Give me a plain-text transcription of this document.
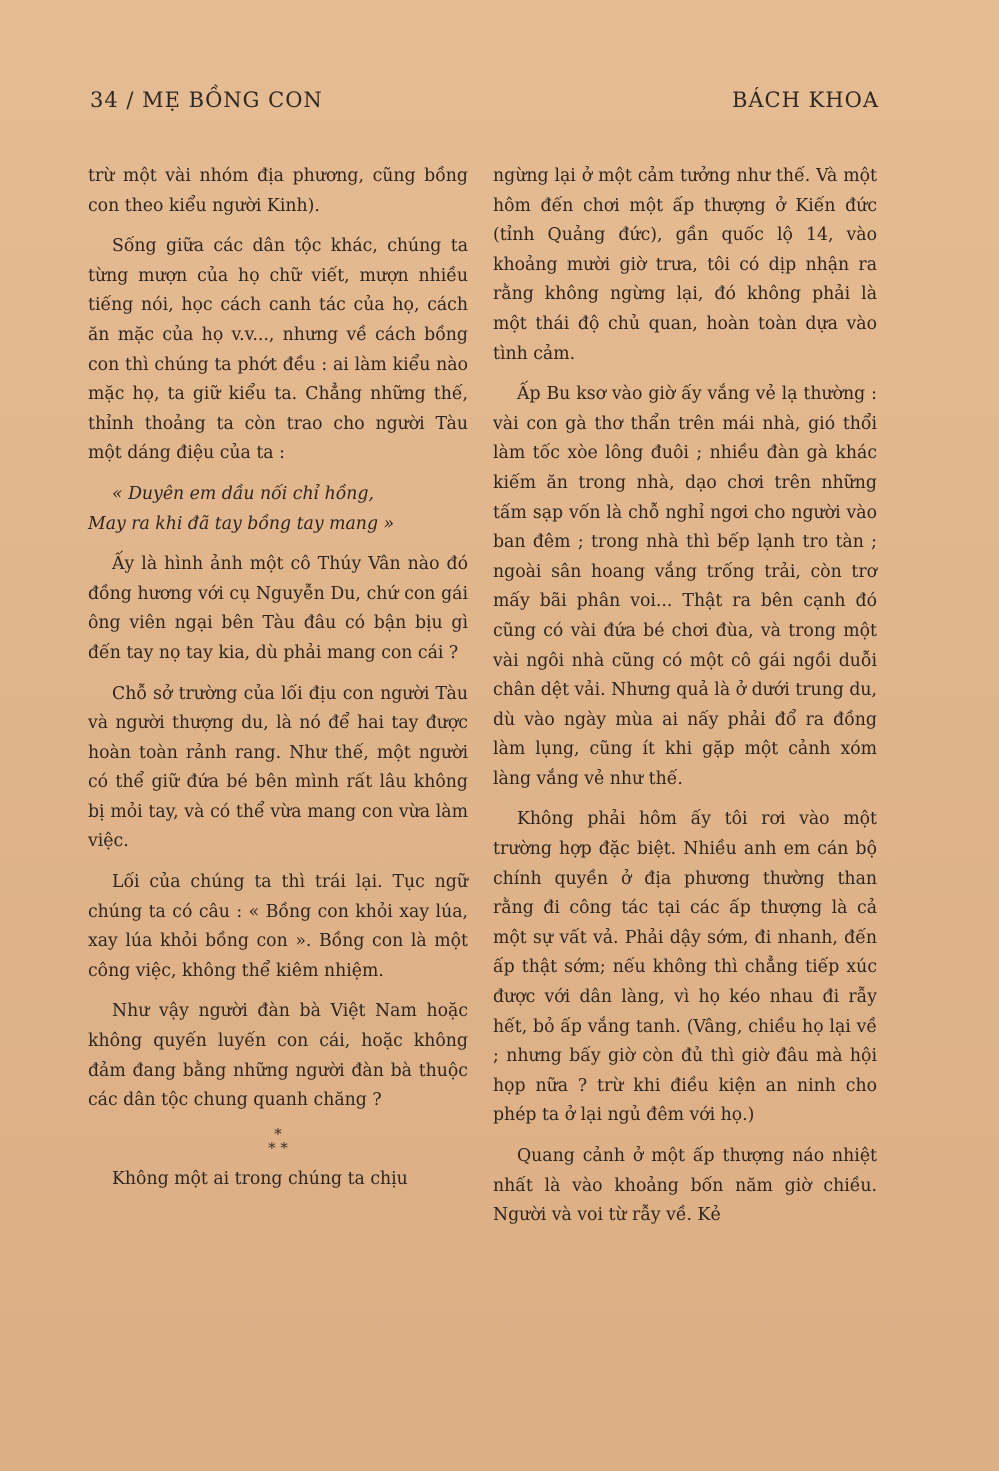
34 / MẸ BỒNG CON	BÁCH KHOA

trừ một vài nhóm địa phương, cũng bồng con theo kiểu người Kinh).

Sống giữa các dân tộc khác, chúng ta từng mượn của họ chữ viết, mượn nhiều tiếng nói, học cách canh tác của họ, cách ăn mặc của họ v.v..., nhưng về cách bồng con thì chúng ta phớt đều : ai làm kiểu nào mặc họ, ta giữ kiểu ta. Chẳng những thế, thỉnh thoảng ta còn trao cho người Tàu một dáng điệu của ta :

« Duyên em dầu nối chỉ hồng,

May ra khi đã tay bồng tay mang »

Ấy là hình ảnh một cô Thúy Vân nào đó đồng hương với cụ Nguyễn Du, chứ con gái ông viên ngại bên Tàu đâu có bận bịu gì đến tay nọ tay kia, dù phải mang con cái ?

Chỗ sở trường của lối địu con người Tàu và người thượng du, là nó để hai tay được hoàn toàn rảnh rang. Như thế, một người có thể giữ đứa bé bên mình rất lâu không bị mỏi tay, và có thể vừa mang con vừa làm việc.

Lối của chúng ta thì trái lại. Tục ngữ chúng ta có câu : « Bồng con khỏi xay lúa, xay lúa khỏi bồng con ». Bồng con là một công việc, không thể kiêm nhiệm.

Như vậy người đàn bà Việt Nam hoặc không quyến luyến con cái, hoặc không đảm đang bằng những người đàn bà thuộc các dân tộc chung quanh chăng ?

*
* *

Không một ai trong chúng ta chịu

ngừng lại ở một cảm tưởng như thế. Và một hôm đến chơi một ấp thượng ở Kiến đức (tỉnh Quảng đức), gần quốc lộ 14, vào khoảng mười giờ trưa, tôi có dịp nhận ra rằng không ngừng lại, đó không phải là một thái độ chủ quan, hoàn toàn dựa vào tình cảm.

Ấp Bu ksơ vào giờ ấy vắng vẻ lạ thường : vài con gà thơ thẩn trên mái nhà, gió thổi làm tốc xòe lông đuôi ; nhiều đàn gà khác kiếm ăn trong nhà, dạo chơi trên những tấm sạp vốn là chỗ nghỉ ngơi cho người vào ban đêm ; trong nhà thì bếp lạnh tro tàn ; ngoài sân hoang vắng trống trải, còn trơ mấy bãi phân voi... Thật ra bên cạnh đó cũng có vài đứa bé chơi đùa, và trong một vài ngôi nhà cũng có một cô gái ngồi duỗi chân dệt vải. Nhưng quả là ở dưới trung du, dù vào ngày mùa ai nấy phải đổ ra đồng làm lụng, cũng ít khi gặp một cảnh xóm làng vắng vẻ như thế.

Không phải hôm ấy tôi rơi vào một trường hợp đặc biệt. Nhiều anh em cán bộ chính quyền ở địa phương thường than rằng đi công tác tại các ấp thượng là cả một sự vất vả. Phải dậy sớm, đi nhanh, đến ấp thật sớm; nếu không thì chẳng tiếp xúc được với dân làng, vì họ kéo nhau đi rẫy hết, bỏ ấp vắng tanh. (Vâng, chiều họ lại về ; nhưng bấy giờ còn đủ thì giờ đâu mà hội họp nữa ? trừ khi điều kiện an ninh cho phép ta ở lại ngủ đêm với họ.)

Quang cảnh ở một ấp thượng náo nhiệt nhất là vào khoảng bốn năm giờ chiều. Người và voi từ rẫy về. Kẻ
